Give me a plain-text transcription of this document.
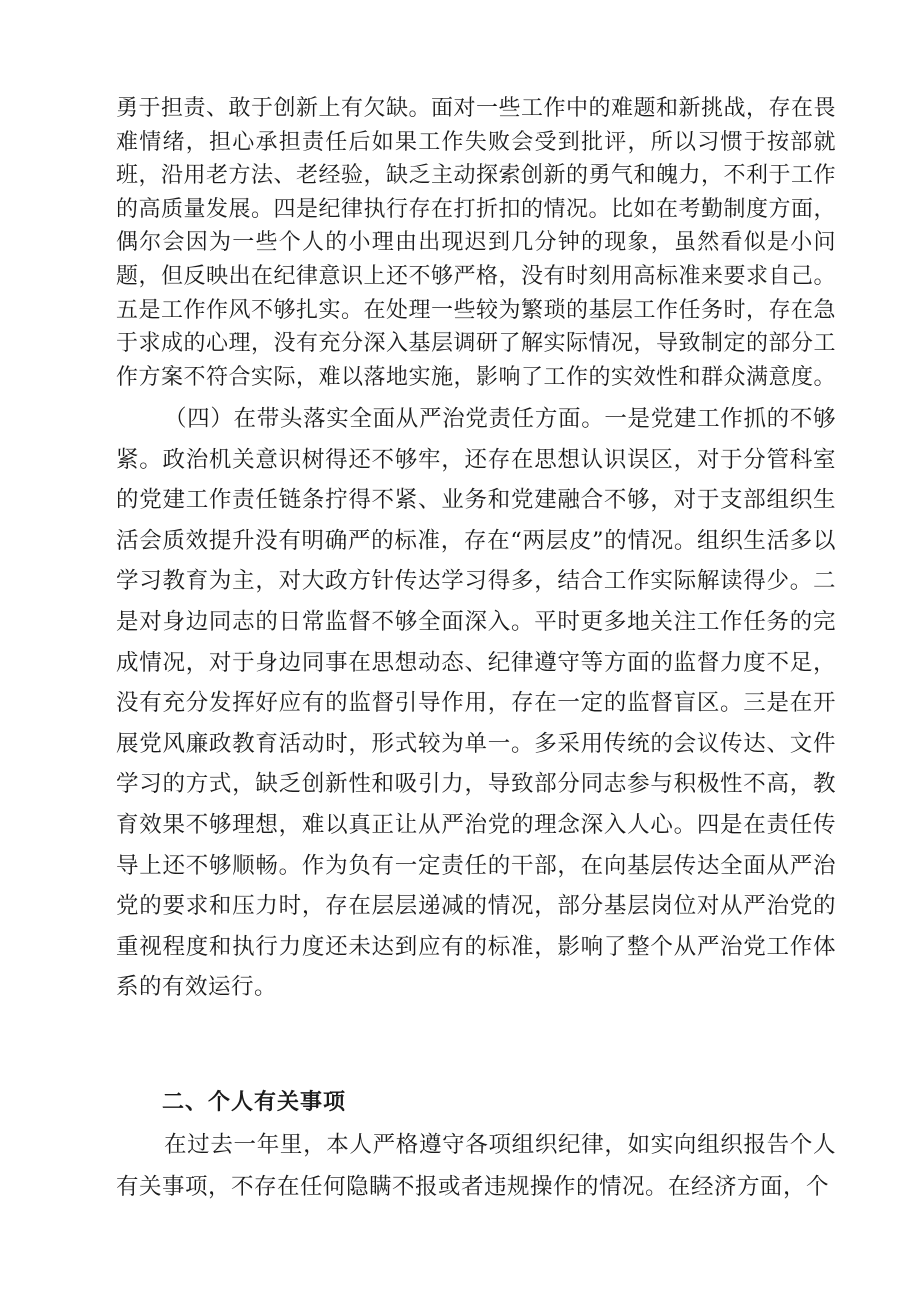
勇于担责、敢于创新上有欠缺。面对一些工作中的难题和新挑战，存在畏难情绪，担心承担责任后如果工作失败会受到批评，所以习惯于按部就班，沿用老方法、老经验，缺乏主动探索创新的勇气和魄力，不利于工作的高质量发展。四是纪律执行存在打折扣的情况。比如在考勤制度方面，偶尔会因为一些个人的小理由出现迟到几分钟的现象，虽然看似是小问题，但反映出在纪律意识上还不够严格，没有时刻用高标准来要求自己。五是工作作风不够扎实。在处理一些较为繁琐的基层工作任务时，存在急于求成的心理，没有充分深入基层调研了解实际情况，导致制定的部分工作方案不符合实际，难以落地实施，影响了工作的实效性和群众满意度。

（四）在带头落实全面从严治党责任方面。一是党建工作抓的不够紧。政治机关意识树得还不够牢，还存在思想认识误区，对于分管科室的党建工作责任链条拧得不紧、业务和党建融合不够，对于支部组织生活会质效提升没有明确严的标准，存在“两层皮”的情况。组织生活多以学习教育为主，对大政方针传达学习得多，结合工作实际解读得少。二是对身边同志的日常监督不够全面深入。平时更多地关注工作任务的完成情况，对于身边同事在思想动态、纪律遵守等方面的监督力度不足，没有充分发挥好应有的监督引导作用，存在一定的监督盲区。三是在开展党风廉政教育活动时，形式较为单一。多采用传统的会议传达、文件学习的方式，缺乏创新性和吸引力，导致部分同志参与积极性不高，教育效果不够理想，难以真正让从严治党的理念深入人心。四是在责任传导上还不够顺畅。作为负有一定责任的干部，在向基层传达全面从严治党的要求和压力时，存在层层递减的情况，部分基层岗位对从严治党的重视程度和执行力度还未达到应有的标准，影响了整个从严治党工作体系的有效运行。

二、个人有关事项

在过去一年里，本人严格遵守各项组织纪律，如实向组织报告个人有关事项，不存在任何隐瞒不报或者违规操作的情况。在经济方面，个
